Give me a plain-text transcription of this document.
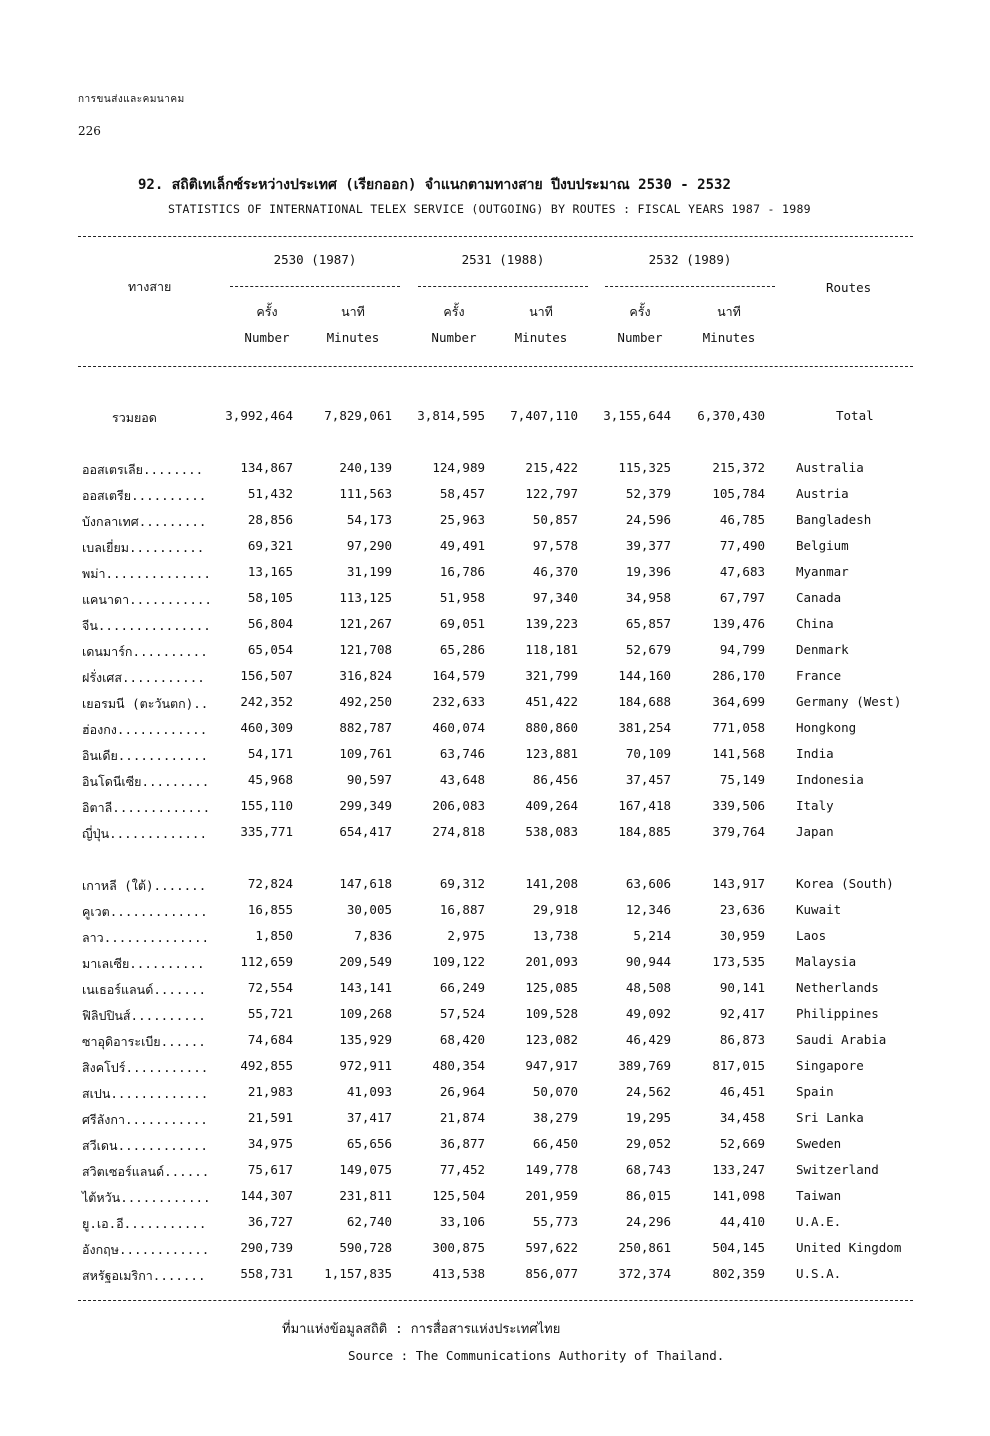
การขนส่งและคมนาคม
226
92. สถิติเทเล็กซ์ระหว่างประเทศ (เรียกออก) จำแนกตามทางสาย ปีงบประมาณ 2530 - 2532
STATISTICS OF INTERNATIONAL TELEX SERVICE (OUTGOING) BY ROUTES : FISCAL YEARS 1987 - 1989
ทางสาย	Routes
2530 (1987)	2531 (1988)	2532 (1989)
ครั้ง	นาที	ครั้ง	นาที	ครั้ง	นาที
Number	Minutes	Number	Minutes	Number	Minutes
รวมยอด	3,992,464	7,829,061 3,814,595 7,407,110 3,155,644 6,370,430	Total
ออสเตรเลีย........	134,867	240,139	124,989	215,422	115,325	215,372 Australia
ออสเตรีย..........	51,432	111,563	58,457	122,797	52,379	105,784 Austria
บังกลาเทศ.........	28,856	54,173	25,963	50,857	24,596	46,785 Bangladesh
เบลเยี่ยม..........	69,321	97,290	49,491	97,578	39,377	77,490 Belgium
พม่า..............	13,165	31,199	16,786	46,370	19,396	47,683 Myanmar
แคนาดา...........	58,105	113,125	51,958	97,340	34,958	67,797 Canada
จีน...............	56,804	121,267	69,051	139,223	65,857	139,476 China
เดนมาร์ก..........	65,054	121,708	65,286	118,181	52,679	94,799 Denmark
ฝรั่งเศส...........	156,507	316,824	164,579	321,799	144,160	286,170 France
เยอรมนี (ตะวันตก)..	242,352	492,250	232,633	451,422	184,688	364,699 Germany (West)
ฮ่องกง............	460,309	882,787	460,074	880,860	381,254	771,058 Hongkong
อินเดีย............	54,171	109,761	63,746	123,881	70,109	141,568 India
อินโดนีเซีย.........	45,968	90,597	43,648	86,456	37,457	75,149 Indonesia
อิตาลี............. 155,110	299,349	206,083	409,264	167,418	339,506 Italy
ญี่ปุ่น.............	335,771	654,417	274,818	538,083	184,885	379,764 Japan
เกาหลี (ใต้).......	72,824	147,618	69,312	141,208	63,606	143,917 Korea (South)
คูเวต.............	16,855	30,005	16,887	29,918	12,346	23,636 Kuwait
ลาว..............	1,850	7,836	2,975	13,738	5,214	30,959 Laos
มาเลเซีย..........	112,659	209,549	109,122	201,093	90,944	173,535 Malaysia
เนเธอร์แลนด์.......	72,554	143,141	66,249	125,085	48,508	90,141 Netherlands
ฟิลิปปินส์..........	55,721	109,268	57,524	109,528	49,092	92,417 Philippines
ซาอุดิอาระเบีย......	74,684	135,929	68,420	123,082	46,429	86,873 Saudi Arabia
สิงคโปร์...........	492,855	972,911	480,354	947,917	389,769	817,015 Singapore
สเปน.............	21,983	41,093	26,964	50,070	24,562	46,451 Spain
ศรีลังกา...........	21,591	37,417	21,874	38,279	19,295	34,458 Sri Lanka
สวีเดน............	34,975	65,656	36,877	66,450	29,052	52,669 Sweden
สวิตเซอร์แลนด์......	75,617	149,075	77,452	149,778	68,743	133,247 Switzerland
ไต้หวัน............ 144,307	231,811	125,504	201,959	86,015	141,098 Taiwan
ยู.เอ.อี...........	36,727	62,740	33,106	55,773	24,296	44,410 U.A.E.
อังกฤษ............ 290,739	590,728	300,875	597,622	250,861	504,145 United Kingdom
สหรัฐอเมริกา.......	558,731	1,157,835	413,538	856,077	372,374	802,359 U.S.A.
ที่มาแห่งข้อมูลสถิติ : การสื่อสารแห่งประเทศไทย
Source : The Communications Authority of Thailand.
